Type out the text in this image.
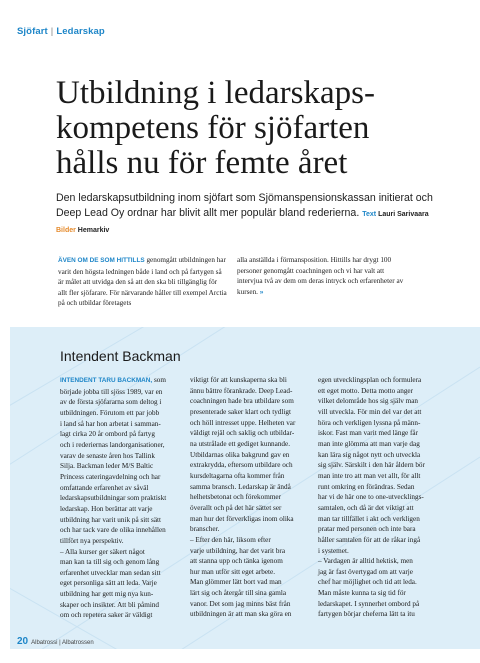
Sjöfart | Ledarskap
Utbildning i ledarskaps-
kompetens för sjöfarten
hålls nu för femte året
Den ledarskapsutbildning inom sjöfart som Sjömanspensionskassan initierat och Deep Lead Oy ordnar har blivit allt mer populär bland rederierna. Text Lauri Sarivaara Bilder Hemarkiv
ÄVEN OM DE SOM HITTILLS genomgått utbildningen har varit den högsta ledningen både i land och på fartygen så är målet att utvidga den så att den ska bli tillgänglig för allt fler sjöfarare. För närvarande håller till exempel Arctia på och utbildar företagets
alla anställda i förmansposition. Hittills har drygt 100 personer genomgått coachningen och vi har valt att intervjua två av dem om deras intryck och erfarenheter av kursen. »
Intendent Backman
INTENDENT TARU BACKMAN, som
började jobba till sjöss 1989, var en
av de första sjöfararna som deltog i
utbildningen. Förutom ett par jobb
i land så har hon arbetat i samman-
lagt cirka 20 år ombord på fartyg
och i rederiernas landorganisationer,
varav de senaste åren hos Tallink
Silja. Backman leder M/S Baltic
Princess cateringavdelning och har
omfattande erfarenhet av såväl
ledarskapsutbildningar som praktiskt
ledarskap. Hon berättar att varje
utbildning har varit unik på sitt sätt
och har tack vare de olika innehållen
tillfört nya perspektiv.
– Alla kurser ger säkert något
man kan ta till sig och genom lång
erfarenhet utvecklar man sedan sitt
eget personliga sätt att leda. Varje
utbildning har gett mig nya kun-
skaper och insikter. Att bli påmind
om och repetera saker är väldigt
viktigt för att kunskaperna ska bli
ännu bättre förankrade. Deep Lead-
coachningen hade bra utbildare som
presenterade saker klart och tydligt
och höll intresset uppe. Helheten var
väldigt rejäl och saklig och utbildar-
na utstrålade ett gediget kunnande.
Utbildarnas olika bakgrund gav en
extrakrydda, eftersom utbildare och
kursdeltagarna ofta kommer från
samma bransch. Ledarskap är ändå
helhetsbetonat och förekommer
överallt och på det här sättet ser
man hur det förverkligas inom olika
branscher.
– Efter den här, liksom efter
varje utbildning, har det varit bra
att stanna upp och tänka igenom
hur man utför sitt eget arbete.
Man glömmer lätt bort vad man
lärt sig och återgår till sina gamla
vanor. Det som jag minns bäst från
utbildningen är att man ska göra en
egen utvecklingsplan och formulera
ett eget motto. Detta motto anger
vilket delområde hos sig själv man
vill utveckla. För min del var det att
höra och verkligen lyssna på männ-
iskor. Fast man varit med länge får
man inte glömma att man varje dag
kan lära sig något nytt och utveckla
sig själv. Särskilt i den här åldern bör
man inte tro att man vet allt, för allt
runt omkring en förändras. Sedan
har vi de här one to one-utvecklings-
samtalen, och då är det viktigt att
man tar tillfället i akt och verkligen
pratar med personen och inte bara
håller samtalen för att de råkar ingå
i systemet.
– Vardagen är alltid hektisk, men
jag är fast övertygad om att varje
chef har möjlighet och tid att leda.
Man måste kunna ta sig tid för
ledarskapet. I synnerhet ombord på
fartygen börjar cheferna lätt ta itu
20 Albatrossi | Albatrossen
